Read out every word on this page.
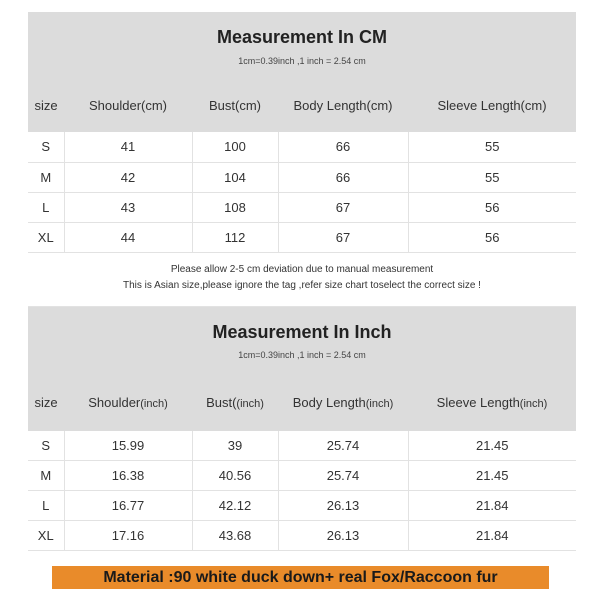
Measurement In CM
1cm=0.39inch ,1 inch = 2.54 cm
size	Shoulder(cm)	Bust(cm)	Body Length(cm)	Sleeve Length(cm)
S	41	100	66	55
M	42	104	66	55
L	43	108	67	56
XL	44	112	67	56
Please allow 2-5 cm deviation due to manual measurement
This is Asian size,please ignore the tag ,refer size chart toselect the correct size !
Measurement In Inch
1cm=0.39inch ,1 inch = 2.54 cm
size	Shoulder(inch)	Bust((inch)	Body Length(inch)	Sleeve Length(inch)
S	15.99	39	25.74	21.45
M	16.38	40.56	25.74	21.45
L	16.77	42.12	26.13	21.84
XL	17.16	43.68	26.13	21.84
Material :90 white duck down+ real Fox/Raccoon fur
